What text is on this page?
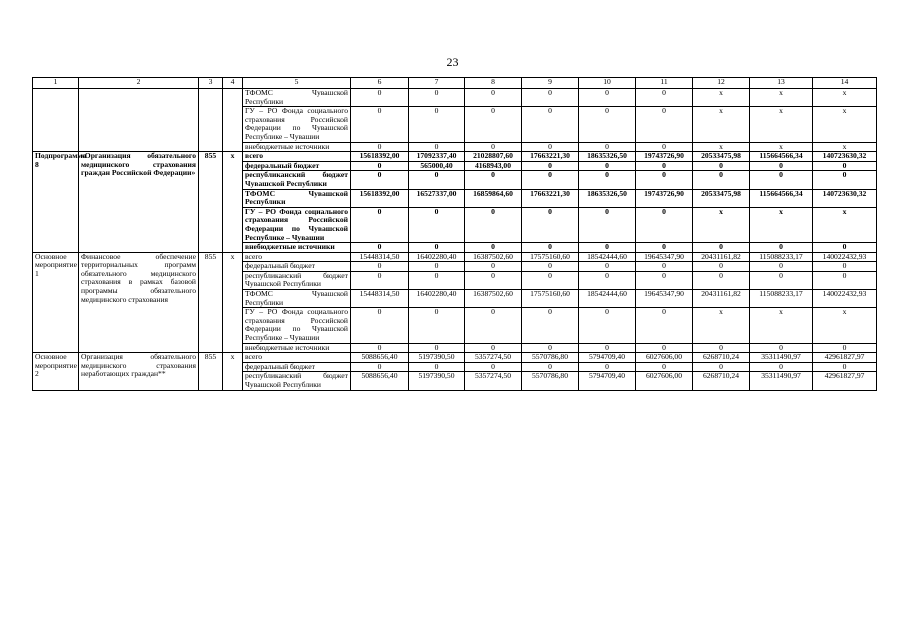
23
1	2	3	4	5	6	7	8	9	10	11	12	13	14
				ТФОМС Чувашской Республики	0	0	0	0	0	0	x	x	x
				ГУ – РО Фонда социального страхования Российской Федерации по Чувашской Республике – Чувашии	0	0	0	0	0	0	x	x	x
				внебюджетные источники	0	0	0	0	0	0	x	x	x
Подпрограмма 8	«Организация обязательного медицинского страхования граждан Российской Федерации»	855	x	всего	15618392,00	17092337,40	21028807,60	17663221,30	18635326,50	19743726,90	20533475,98	115664566,34	140723630,32
				федеральный бюджет	0	565000,40	4168943,00	0	0	0	0	0	0
				республиканский бюджет Чувашской Республики	0	0	0	0	0	0	0	0	0
				ТФОМС Чувашской Республики	15618392,00	16527337,00	16859864,60	17663221,30	18635326,50	19743726,90	20533475,98	115664566,34	140723630,32
				ГУ – РО Фонда социального страхования Российской Федерации по Чувашской Республике – Чувашии	0	0	0	0	0	0	x	x	x
				внебюджетные источники	0	0	0	0	0	0	0	0	0
Основное мероприятие 1	Финансовое обеспечение территориальных программ обязательного медицинского страхования в рамках базовой программы обязательного медицинского страхования	855	x	всего	15448314,50	16402280,40	16387502,60	17575160,60	18542444,60	19645347,90	20431161,82	115088233,17	140022432,93
				федеральный бюджет	0	0	0	0	0	0	0	0	0
				республиканский бюджет Чувашской Республики	0	0	0	0	0	0	0	0	0
				ТФОМС Чувашской Республики	15448314,50	16402280,40	16387502,60	17575160,60	18542444,60	19645347,90	20431161,82	115088233,17	140022432,93
				ГУ – РО Фонда социального страхования Российской Федерации по Чувашской Республике – Чувашии	0	0	0	0	0	0	x	x	x
				внебюджетные источники	0	0	0	0	0	0	0	0	0
Основное мероприятие 2	Организация обязательного медицинского страхования неработающих граждан**	855	x	всего	5088656,40	5197390,50	5357274,50	5570786,80	5794709,40	6027606,00	6268710,24	35311490,97	42961827,97
				федеральный бюджет	0	0	0	0	0	0	0	0	0
				республиканский бюджет Чувашской Республики	5088656,40	5197390,50	5357274,50	5570786,80	5794709,40	6027606,00	6268710,24	35311490,97	42961827,97
